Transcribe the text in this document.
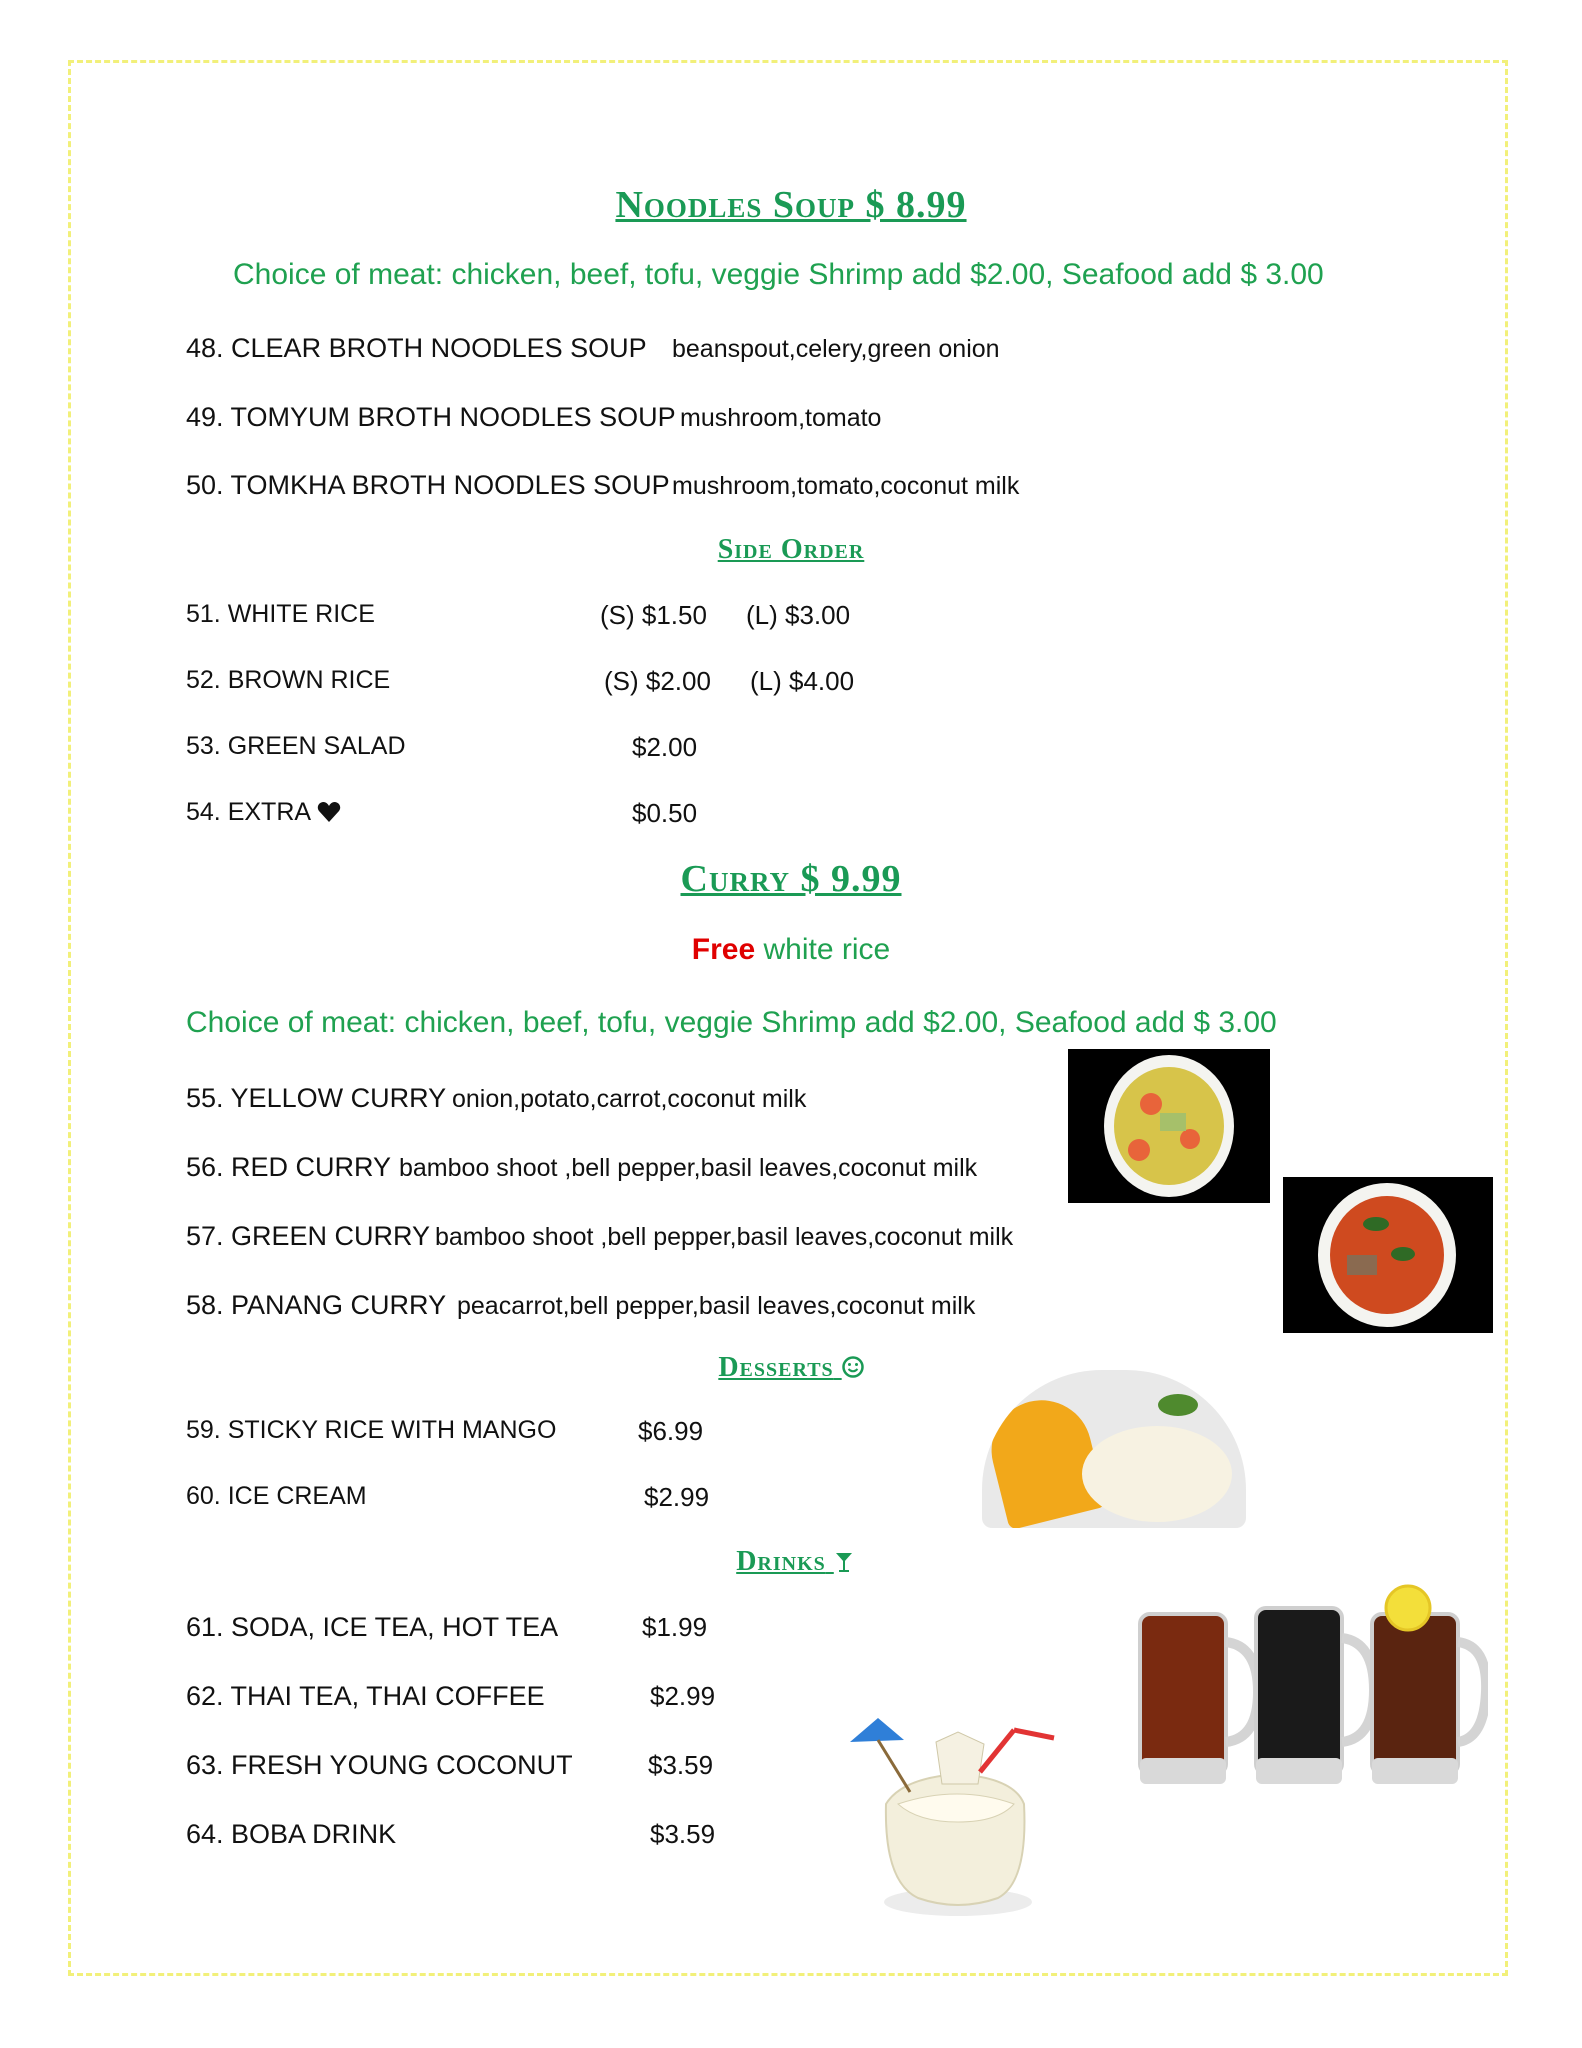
Noodles Soup $ 8.99
Choice of meat: chicken, beef, tofu, veggie Shrimp add $2.00, Seafood add $ 3.00
48. CLEAR BROTH NOODLES SOUP beanspout,celery,green onion
49. TOMYUM BROTH NOODLES SOUP mushroom,tomato
50. TOMKHA BROTH NOODLES SOUP mushroom,tomato,coconut milk
Side Order
51. WHITE RICE	(S) $1.50 (L) $3.00
52. BROWN RICE	(S) $2.00 (L) $4.00
53. GREEN SALAD	$2.00
54. EXTRA	$0.50
Curry $ 9.99
Free white rice
Choice of meat: chicken, beef, tofu, veggie Shrimp add $2.00, Seafood add $ 3.00
55. YELLOW CURRY onion,potato,carrot,coconut milk
56. RED CURRY bamboo shoot ,bell pepper,basil leaves,coconut milk
57. GREEN CURRY bamboo shoot ,bell pepper,basil leaves,coconut milk
58. PANANG CURRY peacarrot,bell pepper,basil leaves,coconut milk
Desserts
59. STICKY RICE WITH MANGO	$6.99
60. ICE CREAM	$2.99
Drinks
61. SODA, ICE TEA, HOT TEA	$1.99
62. THAI TEA, THAI COFFEE	$2.99
63. FRESH YOUNG COCONUT	$3.59
64. BOBA DRINK	$3.59
